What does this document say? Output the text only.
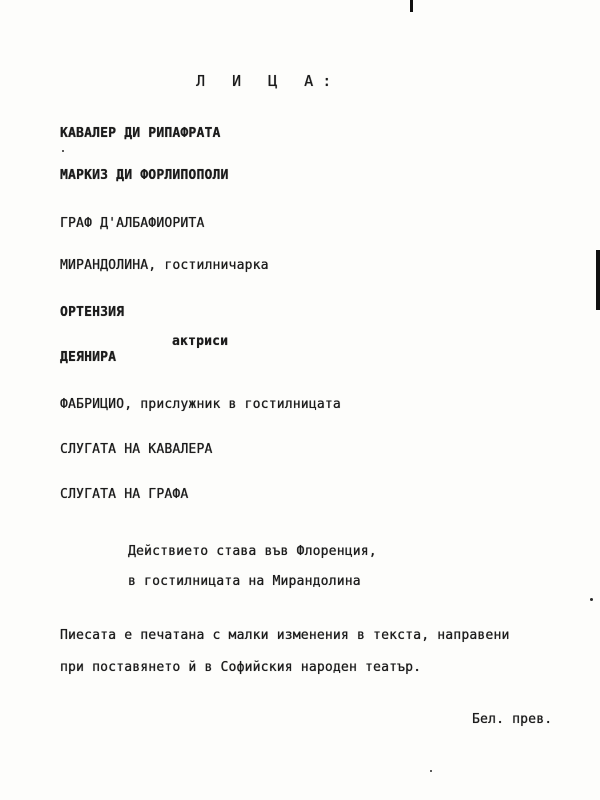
Л И Ц А:
КАВАЛЕР ДИ РИПАФРАТА
МАРКИЗ ДИ ФОРЛИПОПОЛИ
ГРАФ Д'АЛБАФИОРИТА
МИРАНДОЛИНА, гостилничарка
ОРТЕНЗИЯ
актриси
ДЕЯНИРА
ФАБРИЦИО, прислужник в гостилницата
СЛУГАТА НА КАВАЛЕРА
СЛУГАТА НА ГРАФА
Действието става във Флоренция,
в гостилницата на Мирандолина
Пиесата е печатана с малки изменения в текста, направени
при поставянето й в Софийския народен театър.
Бел. прев.
